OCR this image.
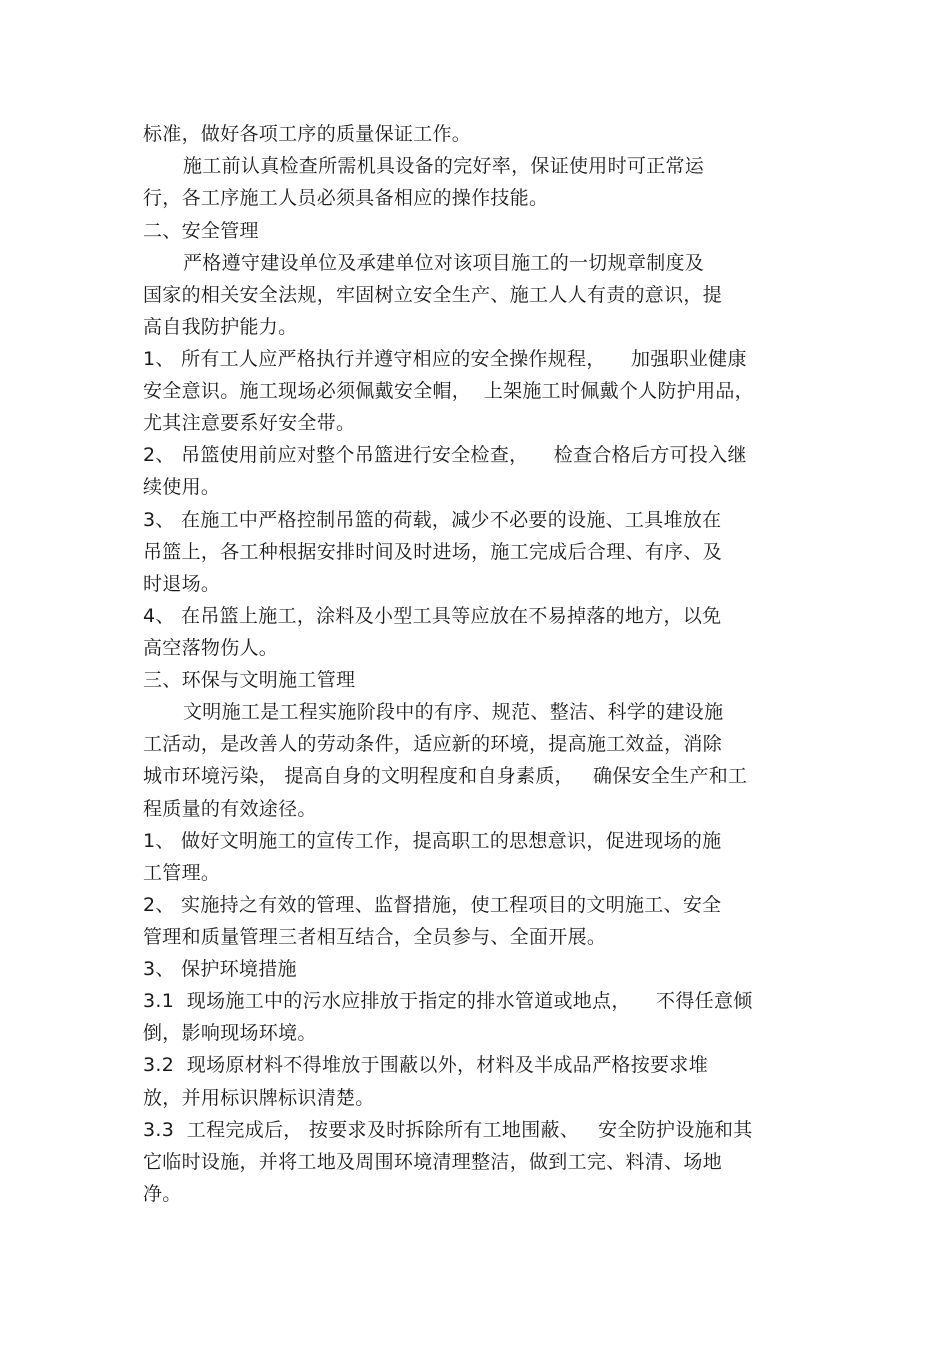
标准，做好各项工序的质量保证工作。
施工前认真检查所需机具设备的完好率，保证使用时可正常运
行，各工序施工人员必须具备相应的操作技能。
二、安全管理
严格遵守建设单位及承建单位对该项目施工的一切规章制度及
国家的相关安全法规，牢固树立安全生产、施工人人有责的意识，提
高自我防护能力。
1、 所有工人应严格执行并遵守相应的安全操作规程，    加强职业健康
安全意识。施工现场必须佩戴安全帽，  上架施工时佩戴个人防护用品，
尤其注意要系好安全带。
2、 吊篮使用前应对整个吊篮进行安全检查，    检查合格后方可投入继
续使用。
3、 在施工中严格控制吊篮的荷载，减少不必要的设施、工具堆放在
吊篮上，各工种根据安排时间及时进场，施工完成后合理、有序、及
时退场。
4、 在吊篮上施工，涂料及小型工具等应放在不易掉落的地方，以免
高空落物伤人。
三、环保与文明施工管理
文明施工是工程实施阶段中的有序、规范、整洁、科学的建设施
工活动，是改善人的劳动条件，适应新的环境，提高施工效益，消除
城市环境污染， 提高自身的文明程度和自身素质，   确保安全生产和工
程质量的有效途径。
1、 做好文明施工的宣传工作，提高职工的思想意识，促进现场的施
工管理。
2、 实施持之有效的管理、监督措施，使工程项目的文明施工、安全
管理和质量管理三者相互结合，全员参与、全面开展。
3、 保护环境措施
3.1  现场施工中的污水应排放于指定的排水管道或地点，    不得任意倾
倒，影响现场环境。
3.2  现场原材料不得堆放于围蔽以外，材料及半成品严格按要求堆
放，并用标识牌标识清楚。
3.3  工程完成后， 按要求及时拆除所有工地围蔽、   安全防护设施和其
它临时设施，并将工地及周围环境清理整洁，做到工完、料清、场地
净。
